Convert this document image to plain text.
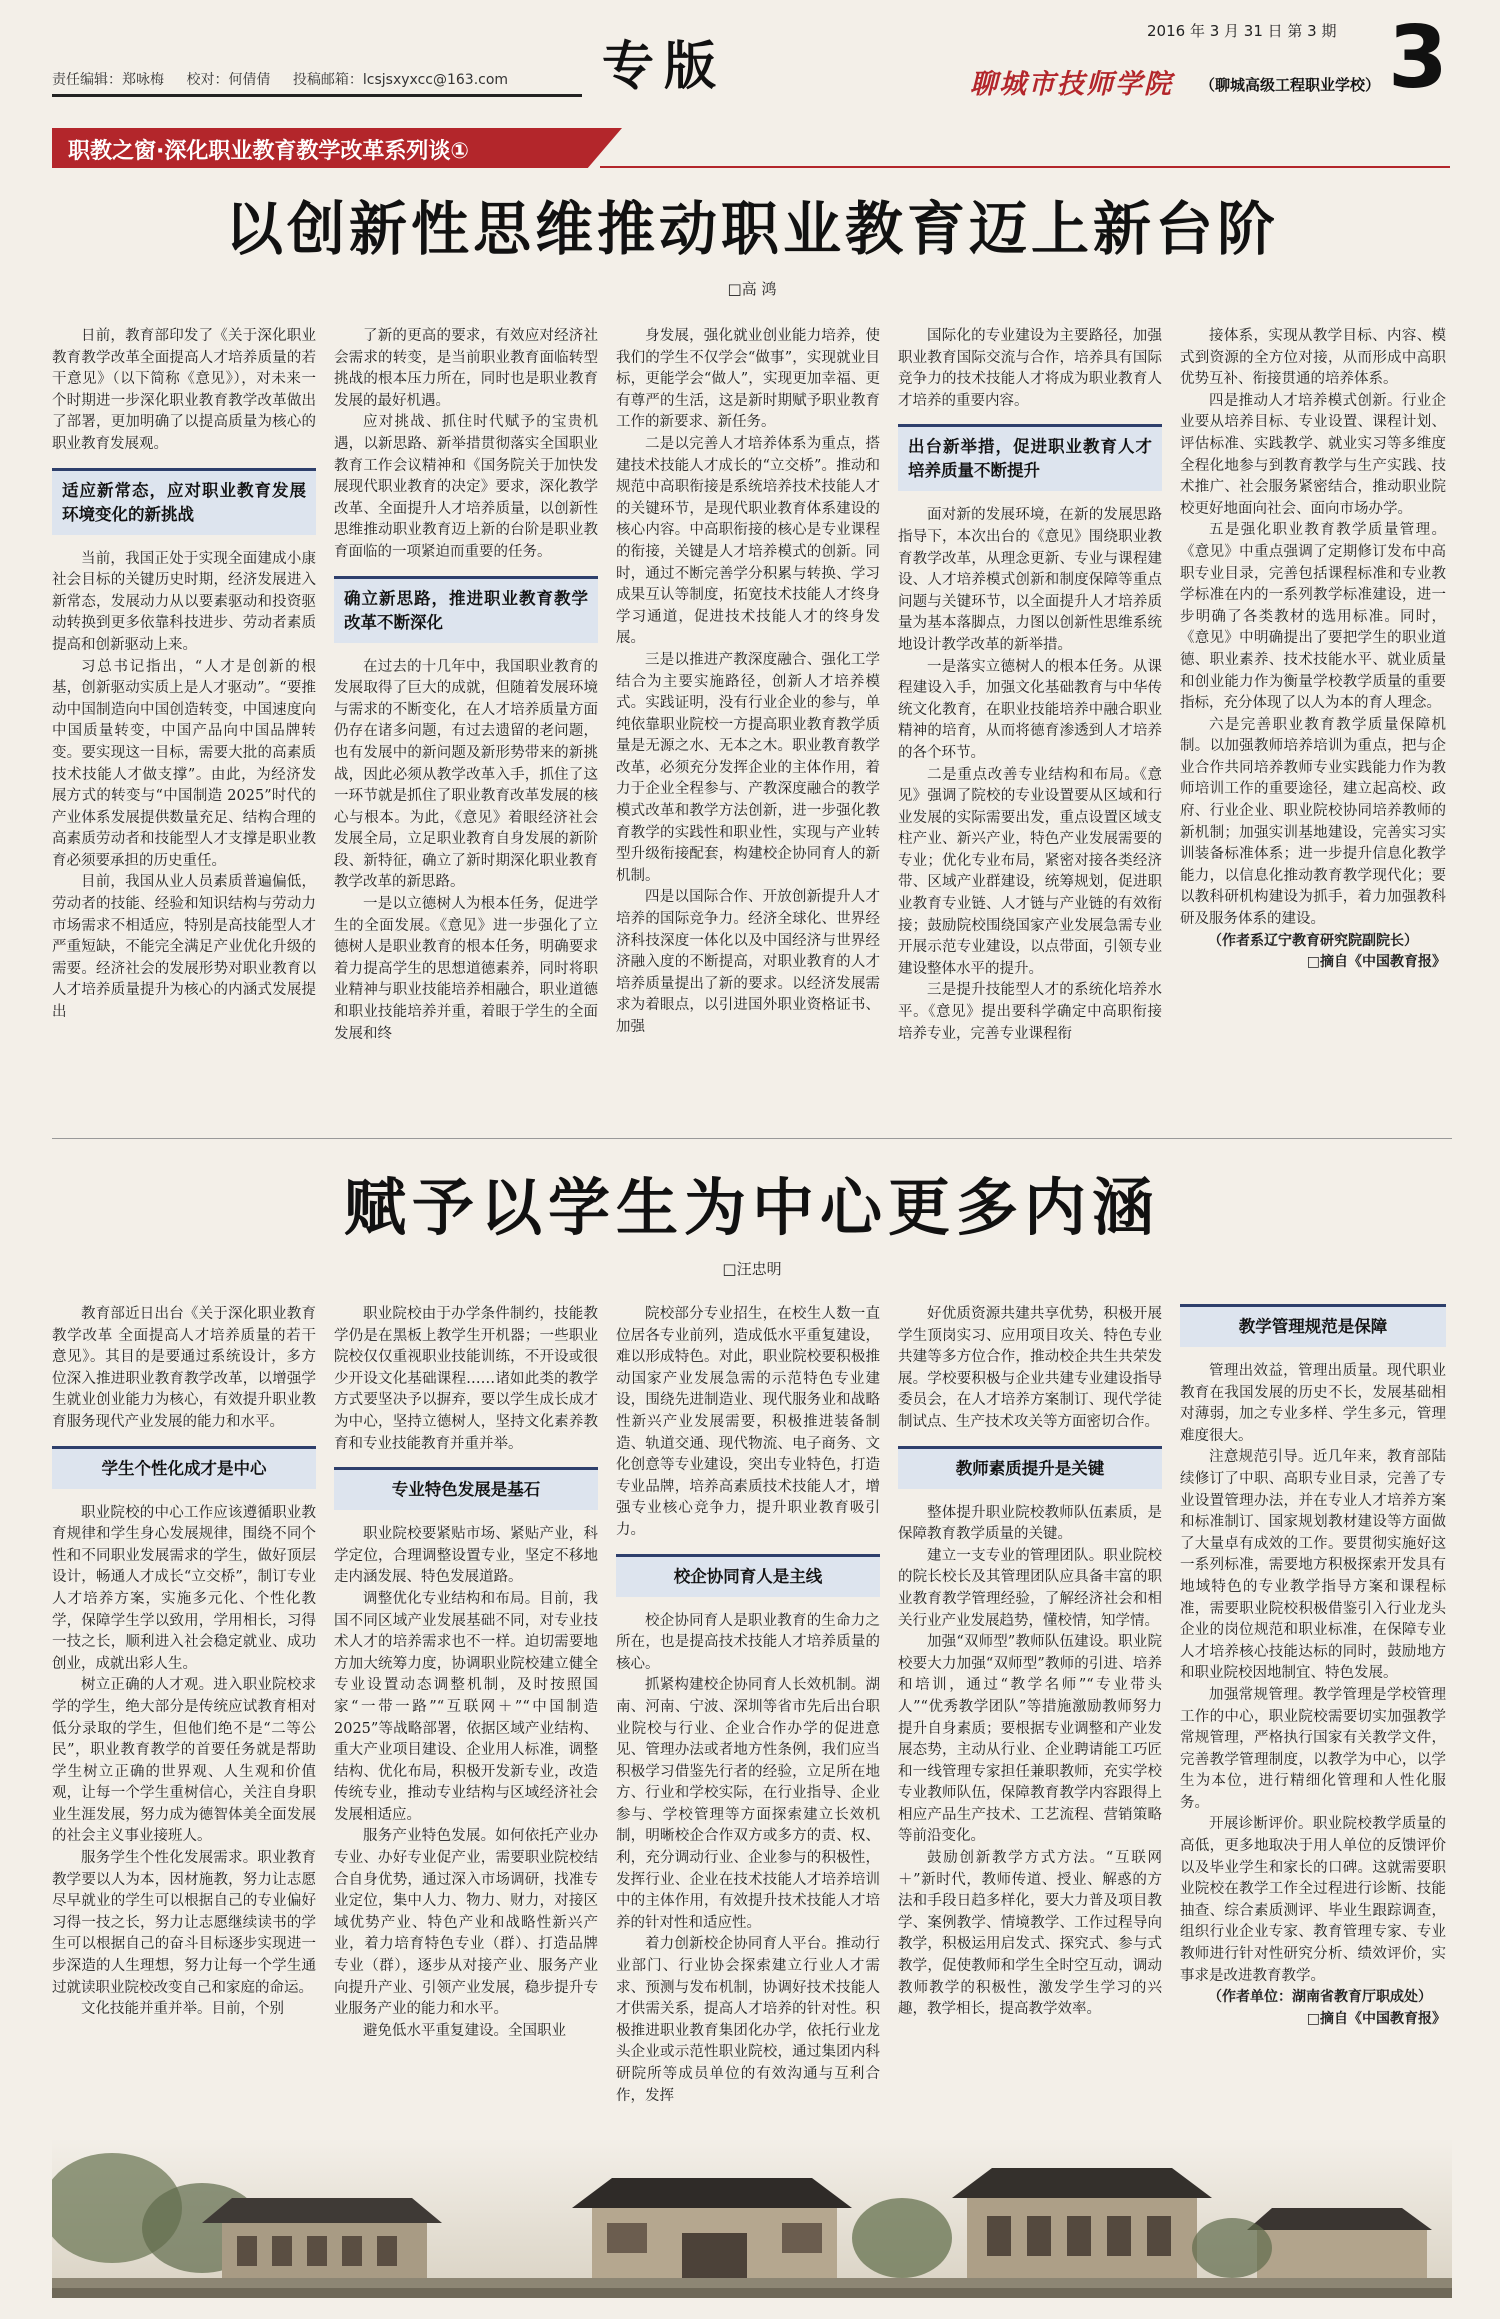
责任编辑：郑咏梅 校对：何倩倩 投稿邮箱：lcsjsxyxcc@163.com	专版
2016 年 3 月 31 日 第 3 期
聊城市技师学院 （聊城高级工程职业学校） 3
职教之窗·深化职业教育教学改革系列谈①
以创新性思维推动职业教育迈上新台阶
□高 鸿

日前，教育部印发了《关于深化职业教育教学改革全面提高人才培养质量的若干意见》（以下简称《意见》），对未来一个时期进一步深化职业教育教学改革做出了部署，更加明确了以提高质量为核心的职业教育发展观。

适应新常态，应对职业教育发展环境变化的新挑战

当前，我国正处于实现全面建成小康社会目标的关键历史时期，经济发展进入新常态，发展动力从以要素驱动和投资驱动转换到更多依靠科技进步、劳动者素质提高和创新驱动上来。

习总书记指出，“人才是创新的根基，创新驱动实质上是人才驱动”。“要推动中国制造向中国创造转变，中国速度向中国质量转变，中国产品向中国品牌转变。要实现这一目标，需要大批的高素质技术技能人才做支撑”。由此，为经济发展方式的转变与“中国制造 2025”时代的产业体系发展提供数量充足、结构合理的高素质劳动者和技能型人才支撑是职业教育必须要承担的历史重任。

目前，我国从业人员素质普遍偏低，劳动者的技能、经验和知识结构与劳动力市场需求不相适应，特别是高技能型人才严重短缺，不能完全满足产业优化升级的需要。经济社会的发展形势对职业教育以人才培养质量提升为核心的内涵式发展提出

了新的更高的要求，有效应对经济社会需求的转变，是当前职业教育面临转型挑战的根本压力所在，同时也是职业教育发展的最好机遇。

应对挑战、抓住时代赋予的宝贵机遇，以新思路、新举措贯彻落实全国职业教育工作会议精神和《国务院关于加快发展现代职业教育的决定》要求，深化教学改革、全面提升人才培养质量，以创新性思维推动职业教育迈上新的台阶是职业教育面临的一项紧迫而重要的任务。

确立新思路，推进职业教育教学改革不断深化

在过去的十几年中，我国职业教育的发展取得了巨大的成就，但随着发展环境与需求的不断变化，在人才培养质量方面仍存在诸多问题，有过去遗留的老问题，也有发展中的新问题及新形势带来的新挑战，因此必须从教学改革入手，抓住了这一环节就是抓住了职业教育改革发展的核心与根本。为此，《意见》着眼经济社会发展全局，立足职业教育自身发展的新阶段、新特征，确立了新时期深化职业教育教学改革的新思路。

一是以立德树人为根本任务，促进学生的全面发展。《意见》进一步强化了立德树人是职业教育的根本任务，明确要求着力提高学生的思想道德素养，同时将职业精神与职业技能培养相融合，职业道德和职业技能培养并重，着眼于学生的全面发展和终

身发展，强化就业创业能力培养，使我们的学生不仅学会“做事”，实现就业目标，更能学会“做人”，实现更加幸福、更有尊严的生活，这是新时期赋予职业教育工作的新要求、新任务。

二是以完善人才培养体系为重点，搭建技术技能人才成长的“立交桥”。推动和规范中高职衔接是系统培养技术技能人才的关键环节，是现代职业教育体系建设的核心内容。中高职衔接的核心是专业课程的衔接，关键是人才培养模式的创新。同时，通过不断完善学分积累与转换、学习成果互认等制度，拓宽技术技能人才终身学习通道，促进技术技能人才的终身发展。

三是以推进产教深度融合、强化工学结合为主要实施路径，创新人才培养模式。实践证明，没有行业企业的参与，单纯依靠职业院校一方提高职业教育教学质量是无源之水、无本之木。职业教育教学改革，必须充分发挥企业的主体作用，着力于企业全程参与、产教深度融合的教学模式改革和教学方法创新，进一步强化教育教学的实践性和职业性，实现与产业转型升级衔接配套，构建校企协同育人的新机制。

四是以国际合作、开放创新提升人才培养的国际竞争力。经济全球化、世界经济科技深度一体化以及中国经济与世界经济融入度的不断提高，对职业教育的人才培养质量提出了新的要求。以经济发展需求为着眼点，以引进国外职业资格证书、加强

国际化的专业建设为主要路径，加强职业教育国际交流与合作，培养具有国际竞争力的技术技能人才将成为职业教育人才培养的重要内容。

出台新举措，促进职业教育人才培养质量不断提升

面对新的发展环境，在新的发展思路指导下，本次出台的《意见》围绕职业教育教学改革，从理念更新、专业与课程建设、人才培养模式创新和制度保障等重点问题与关键环节，以全面提升人才培养质量为基本落脚点，力图以创新性思维系统地设计教学改革的新举措。

一是落实立德树人的根本任务。从课程建设入手，加强文化基础教育与中华传统文化教育，在职业技能培养中融合职业精神的培育，从而将德育渗透到人才培养的各个环节。

二是重点改善专业结构和布局。《意见》强调了院校的专业设置要从区域和行业发展的实际需要出发，重点设置区域支柱产业、新兴产业，特色产业发展需要的专业；优化专业布局，紧密对接各类经济带、区域产业群建设，统筹规划，促进职业教育专业链、人才链与产业链的有效衔接；鼓励院校围绕国家产业发展急需专业开展示范专业建设，以点带面，引领专业建设整体水平的提升。

三是提升技能型人才的系统化培养水平。《意见》提出要科学确定中高职衔接培养专业，完善专业课程衔

接体系，实现从教学目标、内容、模式到资源的全方位对接，从而形成中高职优势互补、衔接贯通的培养体系。

四是推动人才培养模式创新。行业企业要从培养目标、专业设置、课程计划、评估标准、实践教学、就业实习等多维度全程化地参与到教育教学与生产实践、技术推广、社会服务紧密结合，推动职业院校更好地面向社会、面向市场办学。

五是强化职业教育教学质量管理。《意见》中重点强调了定期修订发布中高职专业目录，完善包括课程标准和专业教学标准在内的一系列教学标准建设，进一步明确了各类教材的选用标准。同时，《意见》中明确提出了要把学生的职业道德、职业素养、技术技能水平、就业质量和创业能力作为衡量学校教学质量的重要指标，充分体现了以人为本的育人理念。

六是完善职业教育教学质量保障机制。以加强教师培养培训为重点，把与企业合作共同培养教师专业实践能力作为教师培训工作的重要途径，建立起高校、政府、行业企业、职业院校协同培养教师的新机制；加强实训基地建设，完善实习实训装备标准体系；进一步提升信息化教学能力，以信息化推动教育教学现代化；要以教科研机构建设为抓手，着力加强教科研及服务体系的建设。

（作者系辽宁教育研究院副院长）
□摘自《中国教育报》
赋予以学生为中心更多内涵
□汪忠明

教育部近日出台《关于深化职业教育教学改革 全面提高人才培养质量的若干意见》。其目的是要通过系统设计，多方位深入推进职业教育教学改革，以增强学生就业创业能力为核心，有效提升职业教育服务现代产业发展的能力和水平。

学生个性化成才是中心

职业院校的中心工作应该遵循职业教育规律和学生身心发展规律，围绕不同个性和不同职业发展需求的学生，做好顶层设计，畅通人才成长“立交桥”，制订专业人才培养方案，实施多元化、个性化教学，保障学生学以致用，学用相长，习得一技之长，顺利进入社会稳定就业、成功创业，成就出彩人生。

树立正确的人才观。进入职业院校求学的学生，绝大部分是传统应试教育相对低分录取的学生，但他们绝不是“二等公民”，职业教育教学的首要任务就是帮助学生树立正确的世界观、人生观和价值观，让每一个学生重树信心，关注自身职业生涯发展，努力成为德智体美全面发展的社会主义事业接班人。

服务学生个性化发展需求。职业教育教学要以人为本，因材施教，努力让志愿尽早就业的学生可以根据自己的专业偏好习得一技之长，努力让志愿继续读书的学生可以根据自己的奋斗目标逐步实现进一步深造的人生理想，努力让每一个学生通过就读职业院校改变自己和家庭的命运。

文化技能并重并举。目前，个别

职业院校由于办学条件制约，技能教学仍是在黑板上教学生开机器；一些职业院校仅仅重视职业技能训练，不开设或很少开设文化基础课程……诸如此类的教学方式要坚决予以摒弃，要以学生成长成才为中心，坚持立德树人，坚持文化素养教育和专业技能教育并重并举。

专业特色发展是基石

职业院校要紧贴市场、紧贴产业，科学定位，合理调整设置专业，坚定不移地走内涵发展、特色发展道路。

调整优化专业结构和布局。目前，我国不同区域产业发展基础不同，对专业技术人才的培养需求也不一样。迫切需要地方加大统筹力度，协调职业院校建立健全专业设置动态调整机制，及时按照国家“一带一路”“互联网＋”“中国制造 2025”等战略部署，依据区域产业结构、重大产业项目建设、企业用人标准，调整结构、优化布局，积极开发新专业，改造传统专业，推动专业结构与区域经济社会发展相适应。

服务产业特色发展。如何依托产业办专业、办好专业促产业，需要职业院校结合自身优势，通过深入市场调研，找准专业定位，集中人力、物力、财力，对接区域优势产业、特色产业和战略性新兴产业，着力培育特色专业（群）、打造品牌专业（群），逐步从对接产业、服务产业向提升产业、引领产业发展，稳步提升专业服务产业的能力和水平。

避免低水平重复建设。全国职业

院校部分专业招生，在校生人数一直位居各专业前列，造成低水平重复建设，难以形成特色。对此，职业院校要积极推动国家产业发展急需的示范特色专业建设，围绕先进制造业、现代服务业和战略性新兴产业发展需要，积极推进装备制造、轨道交通、现代物流、电子商务、文化创意等专业建设，突出专业特色，打造专业品牌，培养高素质技术技能人才，增强专业核心竞争力，提升职业教育吸引力。

校企协同育人是主线

校企协同育人是职业教育的生命力之所在，也是提高技术技能人才培养质量的核心。

抓紧构建校企协同育人长效机制。湖南、河南、宁波、深圳等省市先后出台职业院校与行业、企业合作办学的促进意见、管理办法或者地方性条例，我们应当积极学习借鉴先行者的经验，立足所在地方、行业和学校实际，在行业指导、企业参与、学校管理等方面探索建立长效机制，明晰校企合作双方或多方的责、权、利，充分调动行业、企业参与的积极性，发挥行业、企业在技术技能人才培养培训中的主体作用，有效提升技术技能人才培养的针对性和适应性。

着力创新校企协同育人平台。推动行业部门、行业协会探索建立行业人才需求、预测与发布机制，协调好技术技能人才供需关系，提高人才培养的针对性。积极推进职业教育集团化办学，依托行业龙头企业或示范性职业院校，通过集团内科研院所等成员单位的有效沟通与互利合作，发挥

好优质资源共建共享优势，积极开展学生顶岗实习、应用项目攻关、特色专业共建等多方位合作，推动校企共生共荣发展。学校要积极与企业共建专业建设指导委员会，在人才培养方案制订、现代学徒制试点、生产技术攻关等方面密切合作。

教师素质提升是关键

整体提升职业院校教师队伍素质，是保障教育教学质量的关键。

建立一支专业的管理团队。职业院校的院长校长及其管理团队应具备丰富的职业教育教学管理经验，了解经济社会和相关行业产业发展趋势，懂校情，知学情。

加强“双师型”教师队伍建设。职业院校要大力加强“双师型”教师的引进、培养和培训，通过“教学名师”“专业带头人”“优秀教学团队”等措施激励教师努力提升自身素质；要根据专业调整和产业发展态势，主动从行业、企业聘请能工巧匠和一线管理专家担任兼职教师，充实学校专业教师队伍，保障教育教学内容跟得上相应产品生产技术、工艺流程、营销策略等前沿变化。

鼓励创新教学方式方法。“互联网＋”新时代，教师传道、授业、解惑的方法和手段日趋多样化，要大力普及项目教学、案例教学、情境教学、工作过程导向教学，积极运用启发式、探究式、参与式教学，促使教师和学生全时空互动，调动教师教学的积极性，激发学生学习的兴趣，教学相长，提高教学效率。

教学管理规范是保障

管理出效益，管理出质量。现代职业教育在我国发展的历史不长，发展基础相对薄弱，加之专业多样、学生多元，管理难度很大。

注意规范引导。近几年来，教育部陆续修订了中职、高职专业目录，完善了专业设置管理办法，并在专业人才培养方案和标准制订、国家规划教材建设等方面做了大量卓有成效的工作。要贯彻实施好这一系列标准，需要地方积极探索开发具有地域特色的专业教学指导方案和课程标准，需要职业院校积极借鉴引入行业龙头企业的岗位规范和职业标准，在保障专业人才培养核心技能达标的同时，鼓励地方和职业院校因地制宜、特色发展。

加强常规管理。教学管理是学校管理工作的中心，职业院校需要切实加强教学常规管理，严格执行国家有关教学文件，完善教学管理制度，以教学为中心，以学生为本位，进行精细化管理和人性化服务。

开展诊断评价。职业院校教学质量的高低，更多地取决于用人单位的反馈评价以及毕业学生和家长的口碑。这就需要职业院校在教学工作全过程进行诊断、技能抽查、综合素质测评、毕业生跟踪调查，组织行业企业专家、教育管理专家、专业教师进行针对性研究分析、绩效评价，实事求是改进教育教学。

（作者单位：湖南省教育厅职成处）
□摘自《中国教育报》
